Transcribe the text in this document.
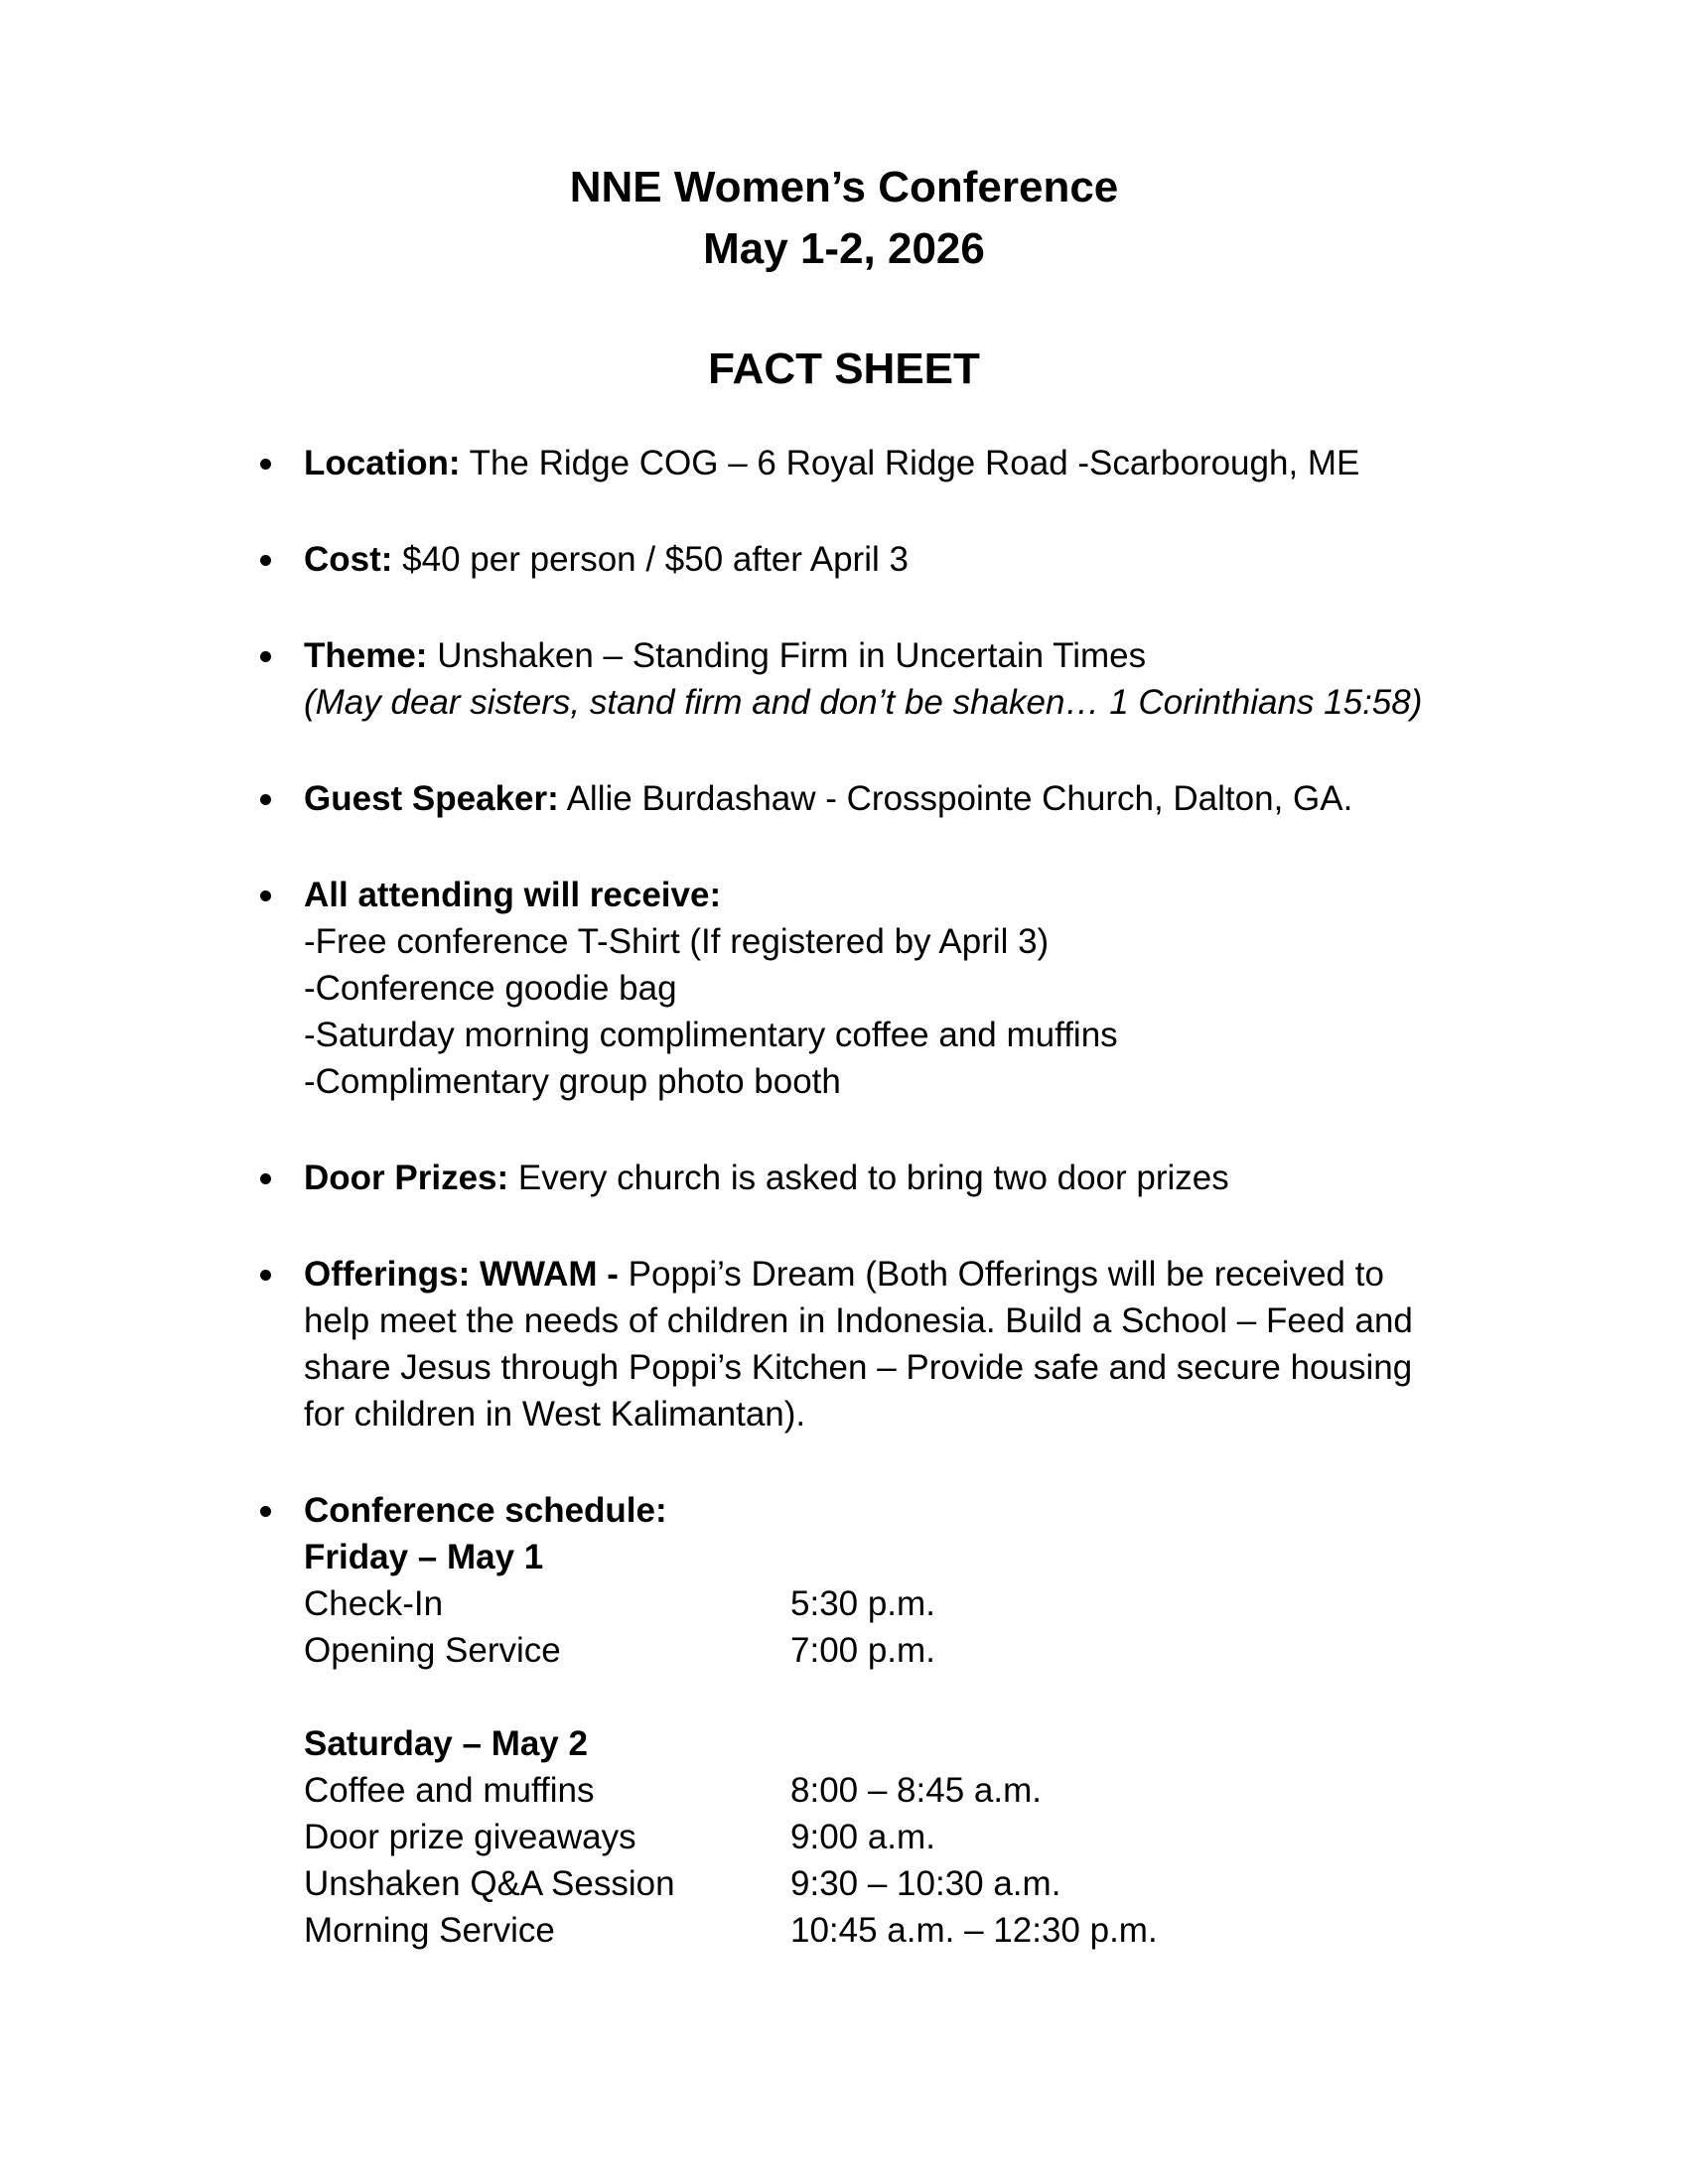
NNE Women’s Conference
May 1-2, 2026
FACT SHEET
Location: The Ridge COG – 6 Royal Ridge Road -Scarborough, ME
Cost: $40 per person / $50 after April 3
Theme: Unshaken – Standing Firm in Uncertain Times
(May dear sisters, stand firm and don’t be shaken… 1 Corinthians 15:58)
Guest Speaker: Allie Burdashaw - Crosspointe Church, Dalton, GA.
All attending will receive:
-Free conference T-Shirt (If registered by April 3)
-Conference goodie bag
-Saturday morning complimentary coffee and muffins
-Complimentary group photo booth
Door Prizes: Every church is asked to bring two door prizes
Offerings: WWAM - Poppi’s Dream (Both Offerings will be received to
help meet the needs of children in Indonesia. Build a School – Feed and
share Jesus through Poppi’s Kitchen – Provide safe and secure housing
for children in West Kalimantan).
Conference schedule:
Friday – May 1
Check-In	5:30 p.m.
Opening Service	7:00 p.m.
Saturday – May 2
Coffee and muffins	8:00 – 8:45 a.m.
Door prize giveaways	9:00 a.m.
Unshaken Q&A Session	9:30 – 10:30 a.m.
Morning Service	10:45 a.m. – 12:30 p.m.
